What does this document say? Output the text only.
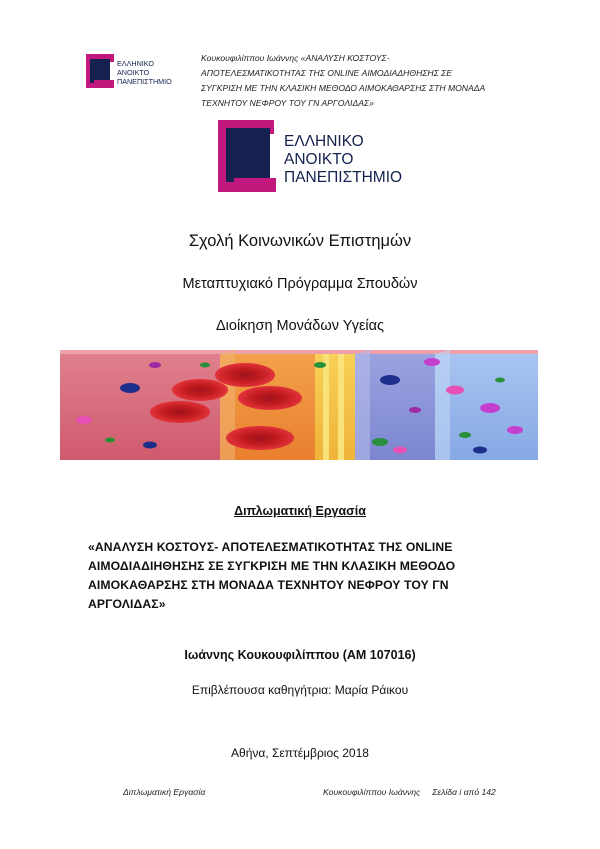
ΕΛΛΗΝΙΚΟ
ΑΝΟΙΚΤΟ
ΠΑΝΕΠΙΣΤΗΜΙΟ
Κουκουφιλίππου Ιωάννης «ΑΝΑΛΥΣΗ ΚΟΣΤΟΥΣ-
ΑΠΟΤΕΛΕΣΜΑΤΙΚΟΤΗΤΑΣ ΤΗΣ ONLINE ΑΙΜΟΔΙΑΔΗΘΗΣΗΣ ΣΕ
ΣΥΓΚΡΙΣΗ ΜΕ ΤΗΝ ΚΛΑΣΙΚΗ ΜΕΘΟΔΟ ΑΙΜΟΚΑΘΑΡΣΗΣ ΣΤΗ ΜΟΝΑΔΑ
ΤΕΧΝΗΤΟΥ ΝΕΦΡΟΥ ΤΟΥ ΓΝ ΑΡΓΟΛΙΔΑΣ»
ΕΛΛΗΝΙΚΟ
ΑΝΟΙΚΤΟ
ΠΑΝΕΠΙΣΤΗΜΙΟ
Σχολή Κοινωνικών Επιστημών
Μεταπτυχιακό Πρόγραμμα Σπουδών
Διοίκηση Μονάδων Υγείας
Διπλωματική Εργασία
«ΑΝΑΛΥΣΗ ΚΟΣΤΟΥΣ- ΑΠΟΤΕΛΕΣΜΑΤΙΚΟΤΗΤΑΣ ΤΗΣ ONLINE
ΑΙΜΟΔΙΑΔΙΗΘΗΣΗΣ ΣΕ ΣΥΓΚΡΙΣΗ ΜΕ ΤΗΝ ΚΛΑΣΙΚΗ ΜΕΘΟΔΟ
ΑΙΜΟΚΑΘΑΡΣΗΣ ΣΤΗ ΜΟΝΑΔΑ ΤΕΧΝΗΤΟΥ ΝΕΦΡΟΥ ΤΟΥ ΓΝ
ΑΡΓΟΛΙΔΑΣ»
Ιωάννης Κουκουφιλίππου (ΑΜ 107016)
Επιβλέπουσα καθηγήτρια: Μαρία Ράικου
Αθήνα, Σεπτέμβριος 2018
Διπλωματική Εργασία	Κουκουφιλίππου Ιωάννης     Σελίδα i από 142
